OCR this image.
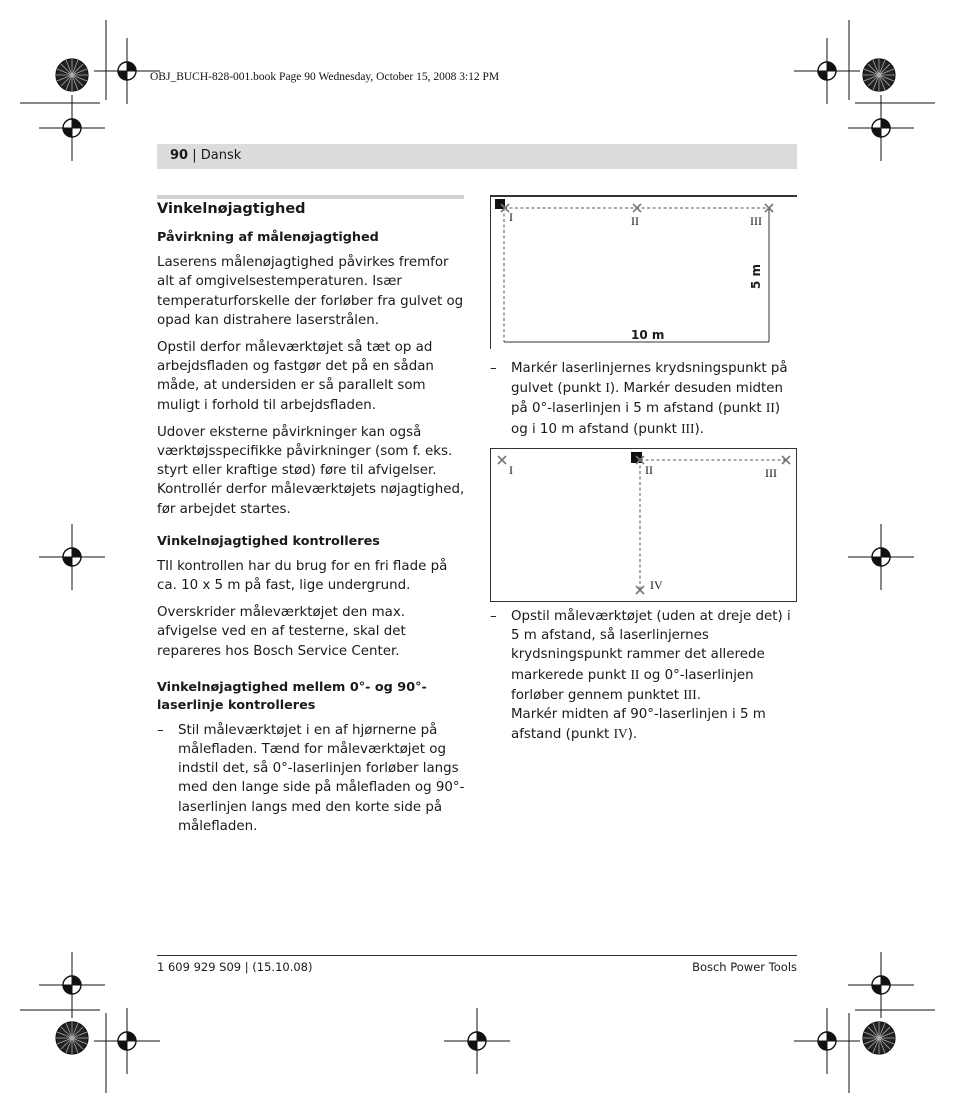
OBJ_BUCH-828-001.book Page 90 Wednesday, October 15, 2008 3:12 PM
90 | Dansk
Vinkelnøjagtighed
Påvirkning af målenøjagtighed

Laserens målenøjagtighed påvirkes fremfor alt af omgivelsestemperaturen. Især temperaturforskelle der forløber fra gulvet og opad kan distrahere laserstrålen.

Opstil derfor måleværktøjet så tæt op ad arbejdsfladen og fastgør det på en sådan måde, at undersiden er så parallelt som muligt i forhold til arbejdsfladen.

Udover eksterne påvirkninger kan også værktøjsspecifikke påvirkninger (som f. eks. styrt eller kraftige stød) føre til afvigelser. Kontrollér derfor måleværktøjets nøjagtighed, før arbejdet startes.

Vinkelnøjagtighed kontrolleres

TIl kontrollen har du brug for en fri flade på ca. 10 x 5 m på fast, lige undergrund.

Overskrider måleværktøjet den max. afvigelse ved en af testerne, skal det repareres hos Bosch Service Center.

Vinkelnøjagtighed mellem 0°- og 90°-laserlinje kontrolleres
– Stil måleværktøjet i en af hjørnerne på målefladen. Tænd for måleværktøjet og indstil det, så 0°-laserlinjen forløber langs med den lange side på målefladen og 90°-laserlinjen langs med den korte side på målefladen.
I	II	III
5 m
10 m
– Markér laserlinjernes krydsningspunkt på gulvet (punkt I). Markér desuden midten på 0°-laserlinjen i 5 m afstand (punkt II) og i 10 m afstand (punkt III).
I	II	III
IV
– Opstil måleværktøjet (uden at dreje det) i 5 m afstand, så laserlinjernes krydsningspunkt rammer det allerede markerede punkt II og 0°-laserlinjen forløber gennem punktet III.
Markér midten af 90°-laserlinjen i 5 m afstand (punkt IV).
1 609 929 S09 | (15.10.08)	Bosch Power Tools
